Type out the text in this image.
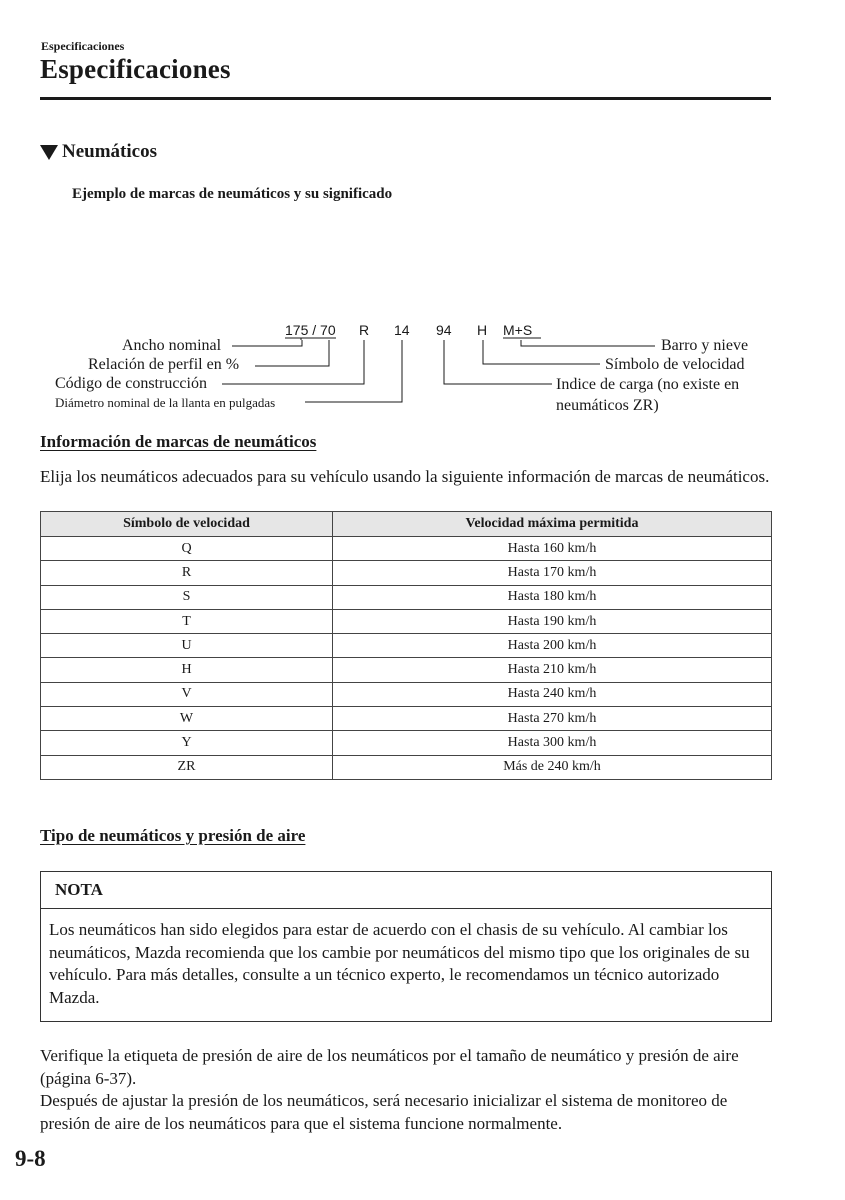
Especificaciones
Especificaciones
Neumáticos
Ejemplo de marcas de neumáticos y su significado
175 / 70 R 14 94 H M+S
Ancho nominal
Relación de perfil en %
Código de construcción
Diámetro nominal de la llanta en pulgadas
Barro y nieve
Símbolo de velocidad
Indice de carga (no existe en
neumáticos ZR)
Información de marcas de neumáticos
Elija los neumáticos adecuados para su vehículo usando la siguiente información de marcas de neumáticos.
Símbolo de velocidad	Velocidad máxima permitida
Q	Hasta 160 km/h
R	Hasta 170 km/h
S	Hasta 180 km/h
T	Hasta 190 km/h
U	Hasta 200 km/h
H	Hasta 210 km/h
V	Hasta 240 km/h
W	Hasta 270 km/h
Y	Hasta 300 km/h
ZR	Más de 240 km/h
Tipo de neumáticos y presión de aire
NOTA
Los neumáticos han sido elegidos para estar de acuerdo con el chasis de su vehículo. Al cambiar los neumáticos, Mazda recomienda que los cambie por neumáticos del mismo tipo que los originales de su vehículo. Para más detalles, consulte a un técnico experto, le recomendamos un técnico autorizado Mazda.
Verifique la etiqueta de presión de aire de los neumáticos por el tamaño de neumático y presión de aire (página 6-37).
Después de ajustar la presión de los neumáticos, será necesario inicializar el sistema de monitoreo de presión de aire de los neumáticos para que el sistema funcione normalmente.
9-8
